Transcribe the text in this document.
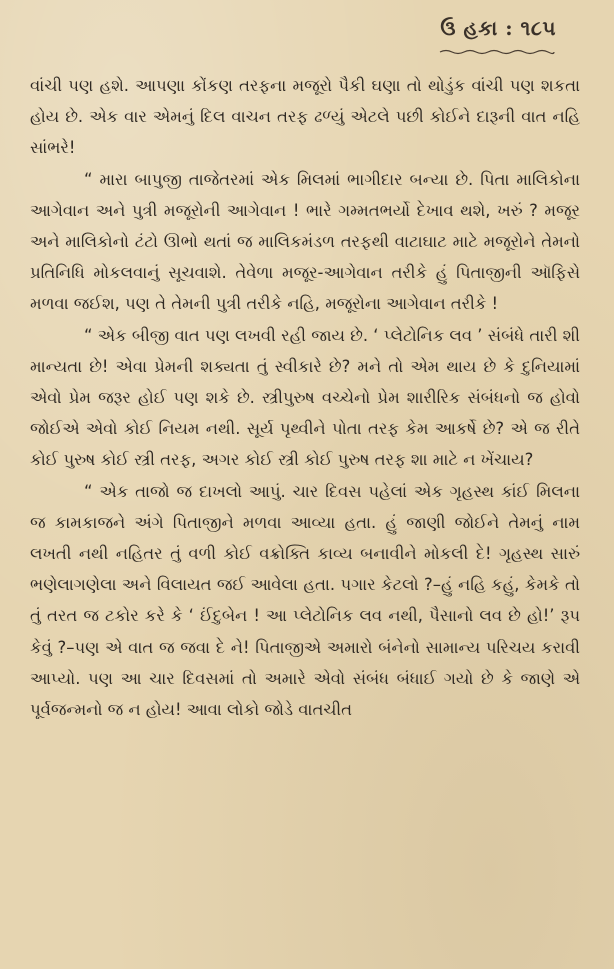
ઉ હકા : ૧૮૫

વાંચી પણ હશે. આપણા કોંકણ તરફના મજૂરો પૈકી ઘણા તો થોડુંક વાંચી પણ શકતા હોય છે. એક વાર એમનું દિલ વાચન તરફ ઢળ્યું એટલે પછી કોઈને દારૂની વાત નહિ સાંભરે!

“ મારા બાપુજી તાજેતરમાં એક મિલમાં ભાગીદાર બન્યા છે. પિતા માલિકોના આગેવાન અને પુત્રી મજૂરોની આગેવાન ! ભારે ગમ્મતભર્યો દેખાવ થશે, ખરું ? મજૂર અને માલિકોનો ટંટો ઊભો થતાં જ માલિકમંડળ તરફથી વાટાઘાટ માટે મજૂરોને તેમનો પ્રતિનિધિ મોકલવાનું સૂચવાશે. તેવેળા મજૂર-આગેવાન તરીકે હું પિતાજીની ઑફિસે મળવા જઈશ, પણ તે તેમની પુત્રી તરીકે નહિ, મજૂરોના આગેવાન તરીકે !

“ એક બીજી વાત પણ લખવી રહી જાય છે. ‘ પ્લેટોનિક લવ ’ સંબંધે તારી શી માન્યતા છે! એવા પ્રેમની શક્યતા તું સ્વીકારે છે? મને તો એમ થાય છે કે દુનિયામાં એવો પ્રેમ જરૂર હોઈ પણ શકે છે. સ્ત્રીપુરુષ વચ્ચેનો પ્રેમ શારીરિક સંબંધનો જ હોવો જોઈએ એવો કોઈ નિયમ નથી. સૂર્ય પૃથ્વીને પોતા તરફ કેમ આકર્ષે છે? એ જ રીતે કોઈ પુરુષ કોઈ સ્ત્રી તરફ, અગર કોઈ સ્ત્રી કોઈ પુરુષ તરફ શા માટે ન ખેંચાય?

“ એક તાજો જ દાખલો આપું. ચાર દિવસ પહેલાં એક ગૃહસ્થ કાંઈ મિલના જ કામકાજને અંગે પિતાજીને મળવા આવ્યા હતા. હું જાણી જોઈને તેમનું નામ લખતી નથી નહિતર તું વળી કોઈ વક્રોક્તિ કાવ્ય બનાવીને મોકલી દે! ગૃહસ્થ સારું ભણેલાગણેલા અને વિલાયત જઈ આવેલા હતા. પગાર કેટલો ?–હું નહિ કહું, કેમકે તો તું તરત જ ટકોર કરે કે ‘ ઈંદુબેન ! આ પ્લેટોનિક લવ નથી, પૈસાનો લવ છે હો!’ રૂપ કેવું ?–પણ એ વાત જ જવા દે ને! પિતાજીએ અમારો બંનેનો સામાન્ય પરિચય કરાવી આપ્યો. પણ આ ચાર દિવસમાં તો અમારે એવો સંબંધ બંધાઈ ગયો છે કે જાણે એ પૂર્વજન્મનો જ ન હોય! આવા લોકો જોડે વાતચીત
